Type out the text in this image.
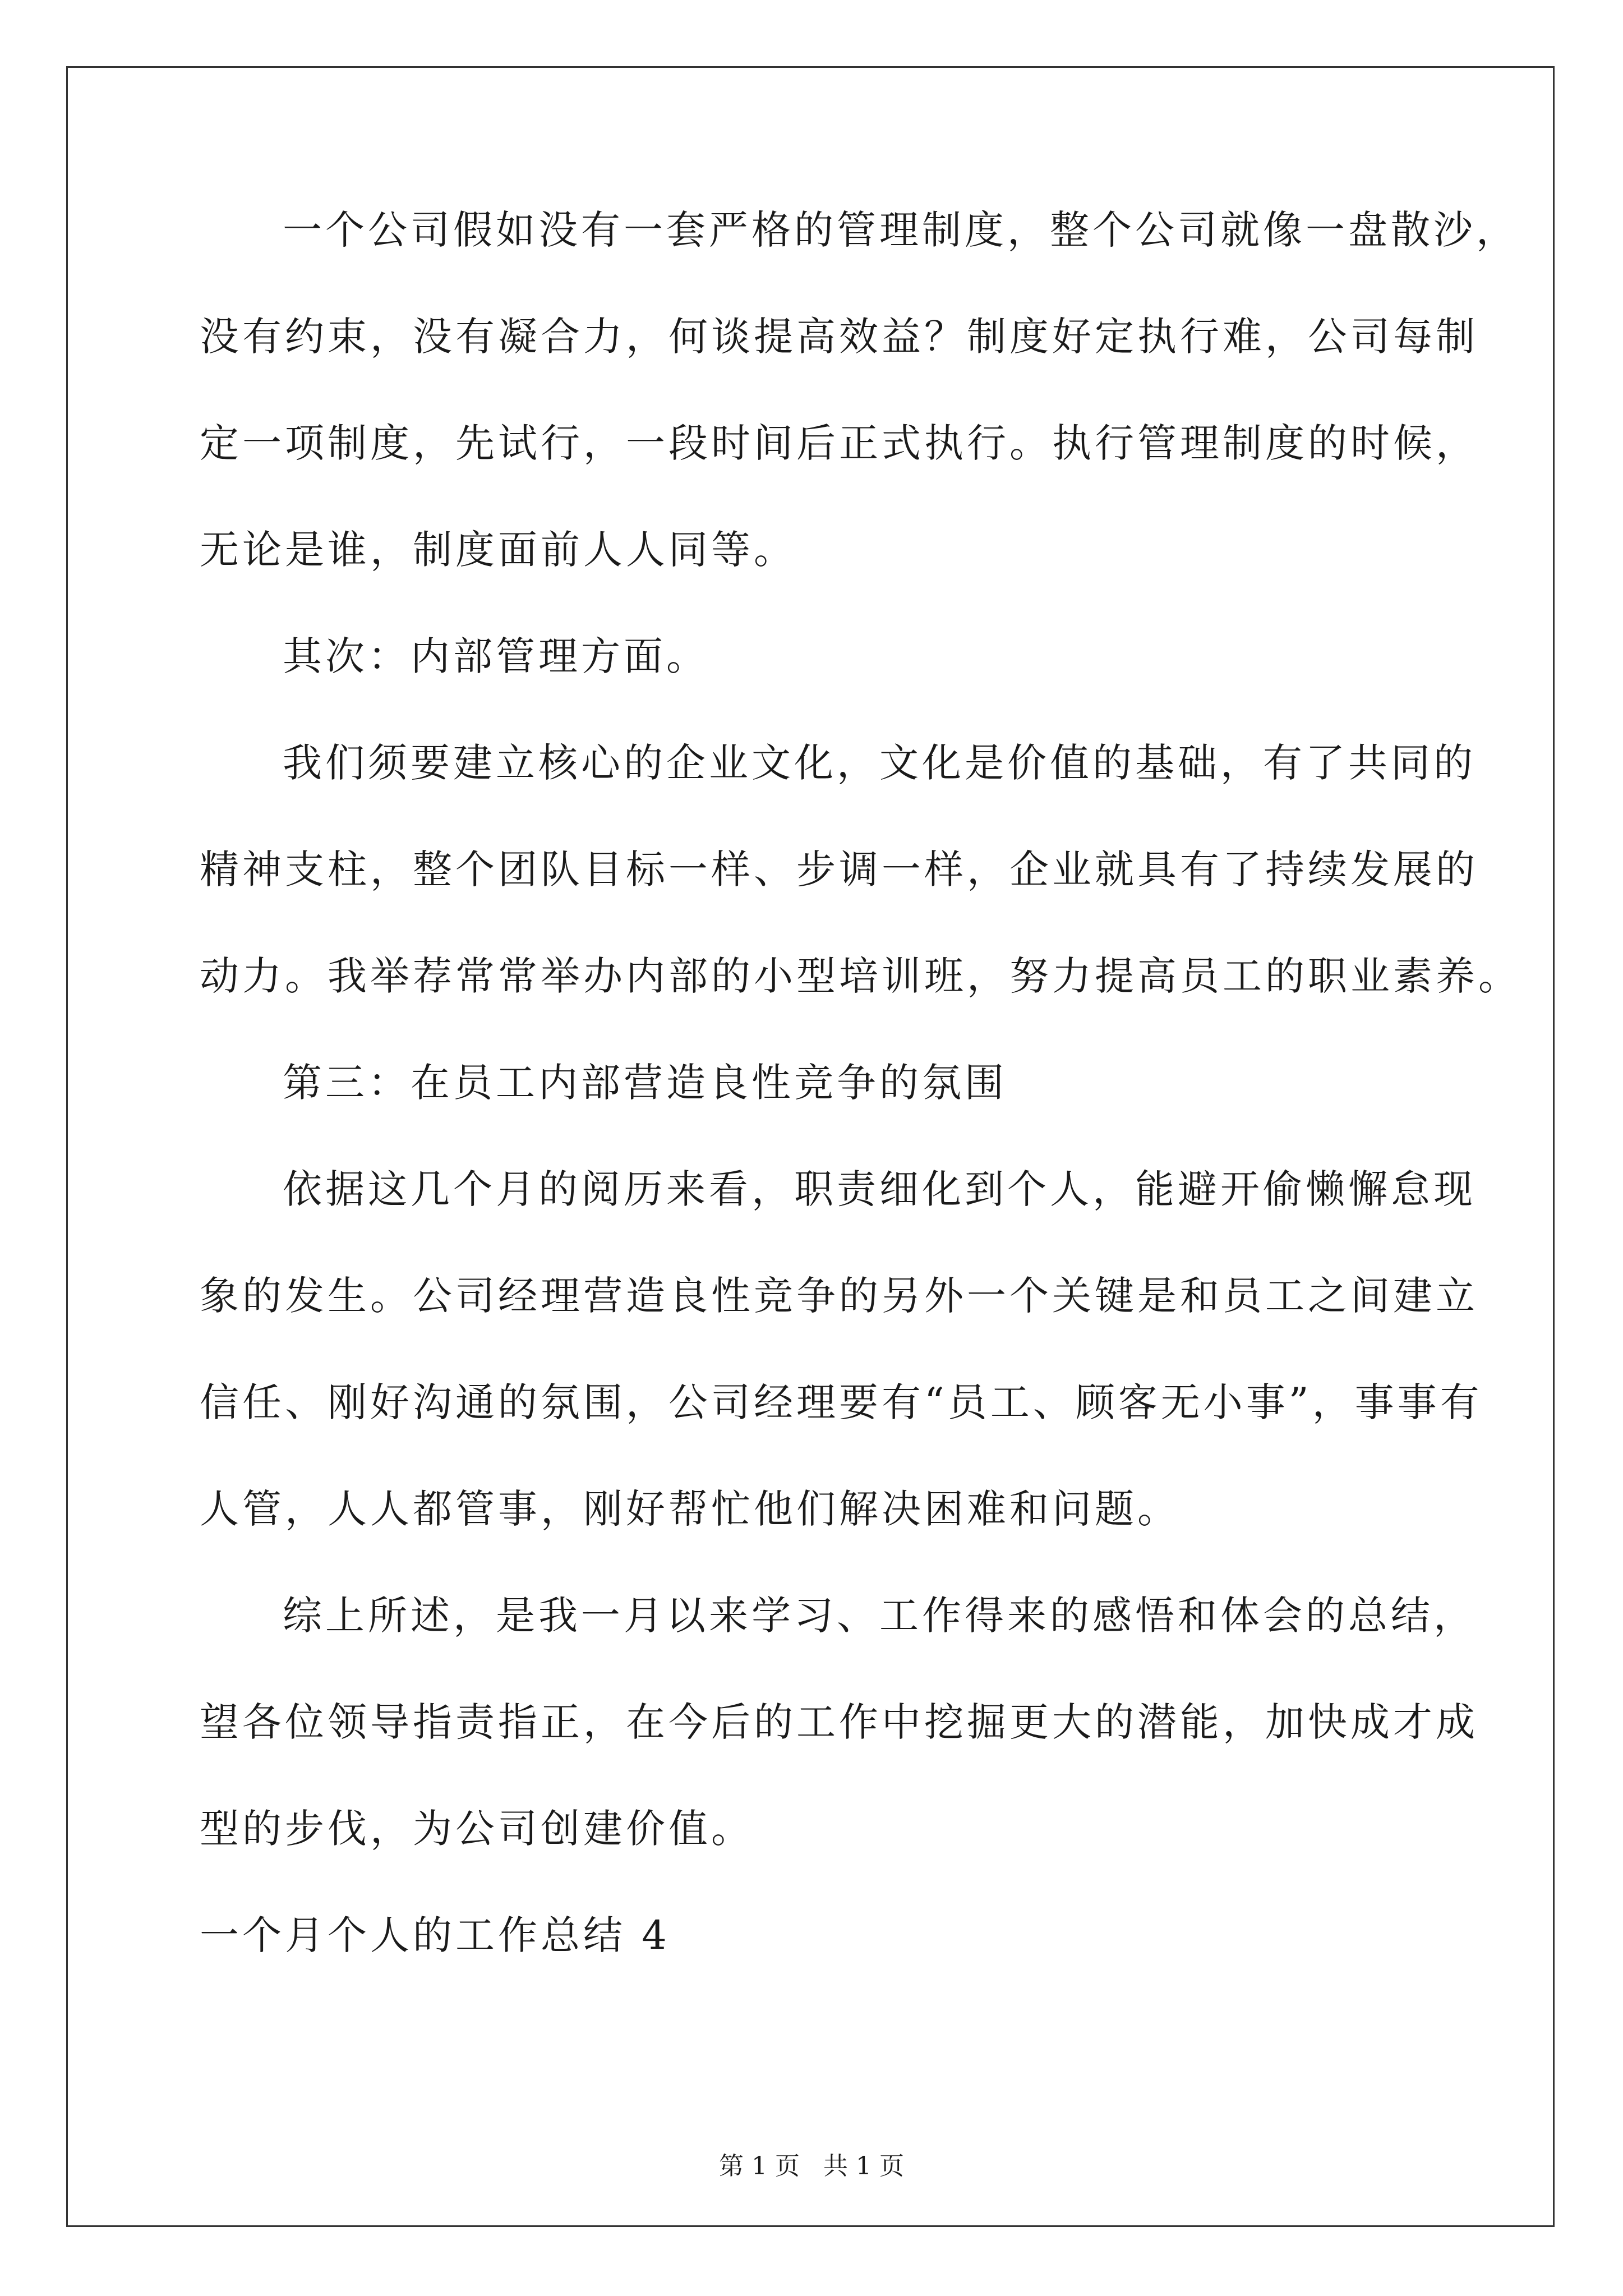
一个公司假如没有一套严格的管理制度，整个公司就像一盘散沙，
没有约束，没有凝合力，何谈提高效益？制度好定执行难，公司每制
定一项制度，先试行，一段时间后正式执行。执行管理制度的时候，
无论是谁，制度面前人人同等。
其次：内部管理方面。
我们须要建立核心的企业文化，文化是价值的基础，有了共同的
精神支柱，整个团队目标一样、步调一样，企业就具有了持续发展的
动力。我举荐常常举办内部的小型培训班，努力提高员工的职业素养。
第三：在员工内部营造良性竞争的氛围
依据这几个月的阅历来看，职责细化到个人，能避开偷懒懈怠现
象的发生。公司经理营造良性竞争的另外一个关键是和员工之间建立
信任、刚好沟通的氛围，公司经理要有“员工、顾客无小事”，事事有
人管，人人都管事，刚好帮忙他们解决困难和问题。
综上所述，是我一月以来学习、工作得来的感悟和体会的总结，
望各位领导指责指正，在今后的工作中挖掘更大的潜能，加快成才成
型的步伐，为公司创建价值。
一个月个人的工作总结 4
第 1 页   共 1 页
